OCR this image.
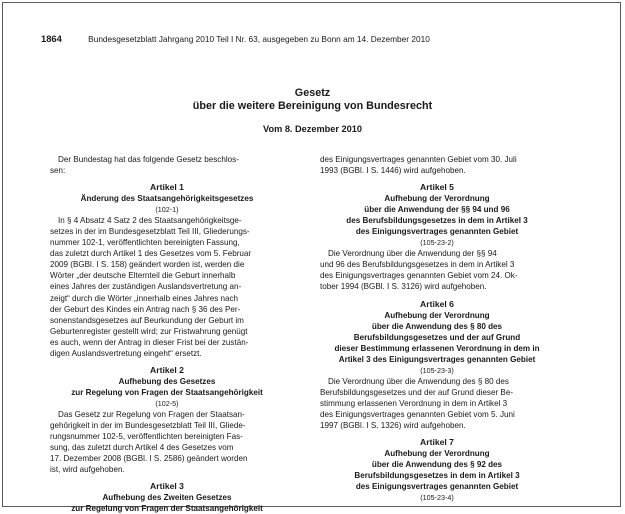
1864	Bundesgesetzblatt Jahrgang 2010 Teil I Nr. 63, ausgegeben zu Bonn am 14. Dezember 2010
Gesetz
über die weitere Bereinigung von Bundesrecht
Vom 8. Dezember 2010

Der Bundestag hat das folgende Gesetz beschlos-

sen:

Artikel 1
Änderung des Staatsangehörigkeitsgesetzes
(102-1)

In § 4 Absatz 4 Satz 2 des Staatsangehörigkeitsge-

setzes in der im Bundesgesetzblatt Teil III, Gliederungs-

nummer 102-1, veröffentlichten bereinigten Fassung,

das zuletzt durch Artikel 1 des Gesetzes vom 5. Februar

2009 (BGBl. I S. 158) geändert worden ist, werden die

Wörter „der deutsche Elternteil die Geburt innerhalb

eines Jahres der zuständigen Auslandsvertretung an-

zeigt“ durch die Wörter „innerhalb eines Jahres nach

der Geburt des Kindes ein Antrag nach § 36 des Per-

sonenstandsgesetzes auf Beurkundung der Geburt im

Geburtenregister gestellt wird; zur Fristwahrung genügt

es auch, wenn der Antrag in dieser Frist bei der zustän-

digen Auslandsvertretung eingeht“ ersetzt.

Artikel 2
Aufhebung des Gesetzes
zur Regelung von Fragen der Staatsangehörigkeit
(102-5)

Das Gesetz zur Regelung von Fragen der Staatsan-

gehörigkeit in der im Bundesgesetzblatt Teil III, Gliede-

rungsnummer 102-5, veröffentlichten bereinigten Fas-

sung, das zuletzt durch Artikel 4 des Gesetzes vom

17. Dezember 2008 (BGBl. I S. 2586) geändert worden

ist, wird aufgehoben.

Artikel 3
Aufhebung des Zweiten Gesetzes
zur Regelung von Fragen der Staatsangehörigkeit

des Einigungsvertrages genannten Gebiet vom 30. Juli

1993 (BGBl. I S. 1446) wird aufgehoben.

Artikel 5
Aufhebung der Verordnung
über die Anwendung der §§ 94 und 96
des Berufsbildungsgesetzes in dem in Artikel 3
des Einigungsvertrages genannten Gebiet
(105-23-2)

Die Verordnung über die Anwendung der §§ 94

und 96 des Berufsbildungsgesetzes in dem in Artikel 3

des Einigungsvertrages genannten Gebiet vom 24. Ok-

tober 1994 (BGBl. I S. 3126) wird aufgehoben.

Artikel 6
Aufhebung der Verordnung
über die Anwendung des § 80 des
Berufsbildungsgesetzes und der auf Grund
dieser Bestimmung erlassenen Verordnung in dem in
Artikel 3 des Einigungsvertrages genannten Gebiet
(105-23-3)

Die Verordnung über die Anwendung des § 80 des

Berufsbildungsgesetzes und der auf Grund dieser Be-

stimmung erlassenen Verordnung in dem in Artikel 3

des Einigungsvertrages genannten Gebiet vom 5. Juni

1997 (BGBl. I S. 1326) wird aufgehoben.

Artikel 7
Aufhebung der Verordnung
über die Anwendung des § 92 des
Berufsbildungsgesetzes in dem in Artikel 3
des Einigungsvertrages genannten Gebiet
(105-23-4)
